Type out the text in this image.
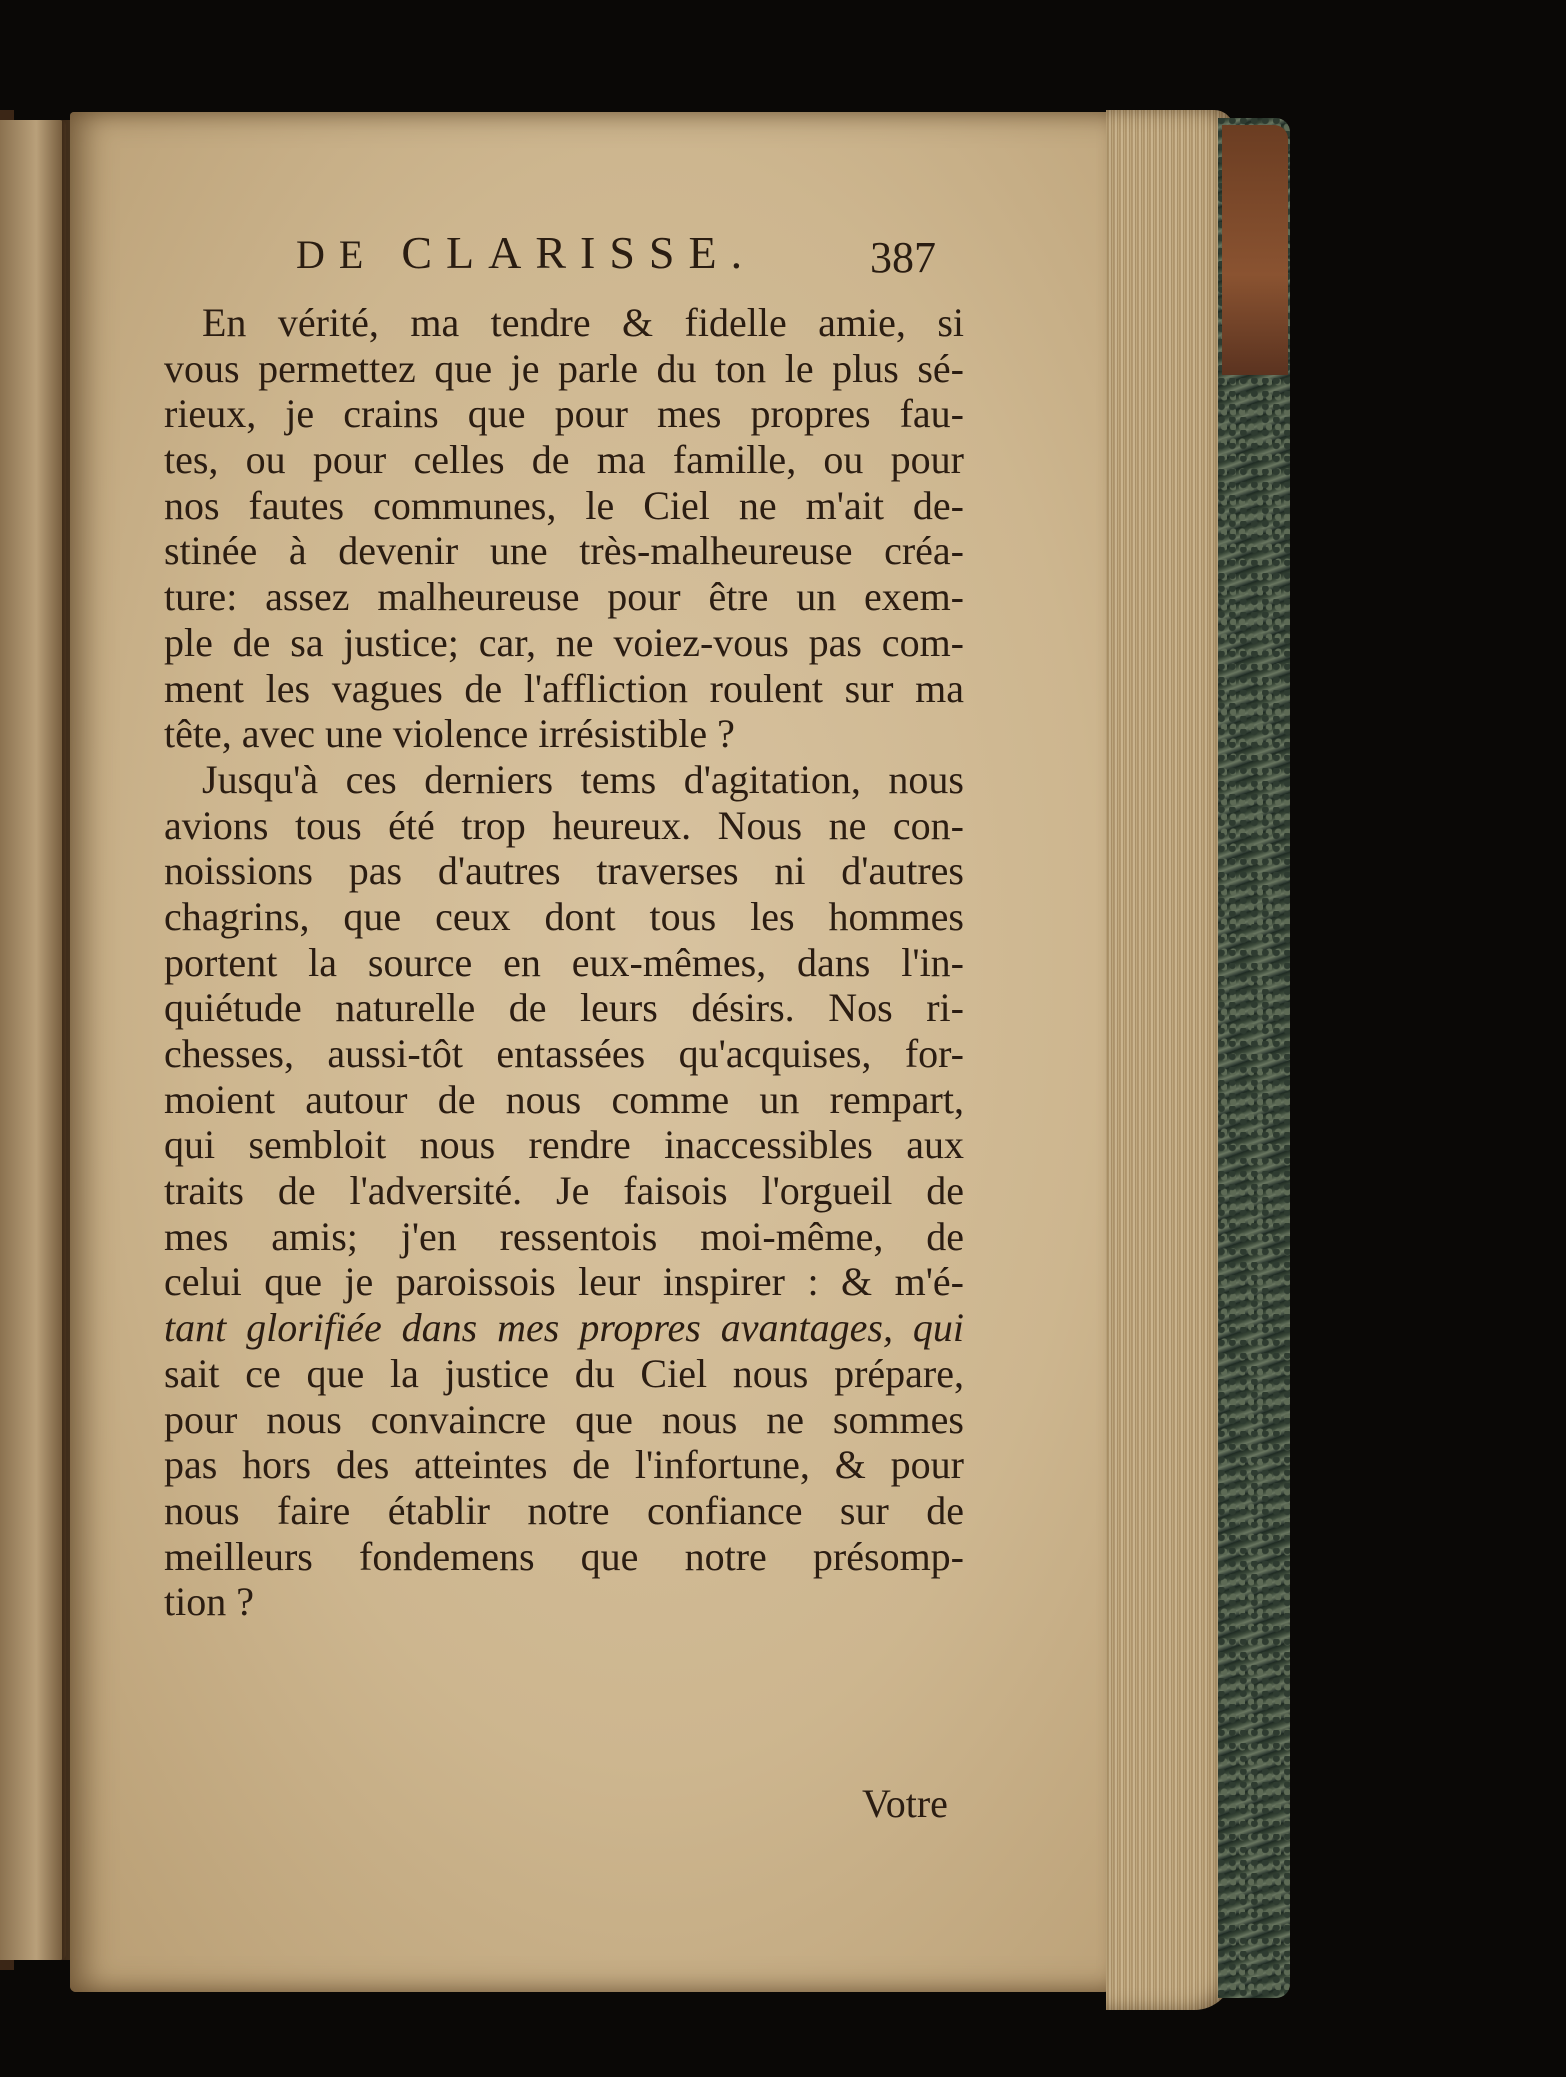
DE CLARISSE.	387
En vérité, ma tendre & fidelle amie, si
vous permettez que je parle du ton le plus sé-
rieux, je crains que pour mes propres fau-
tes, ou pour celles de ma famille, ou pour
nos fautes communes, le Ciel ne m'ait de-
stinée à devenir une très-malheureuse créa-
ture: assez malheureuse pour être un exem-
ple de sa justice; car, ne voiez-vous pas com-
ment les vagues de l'affliction roulent sur ma
tête, avec une violence irrésistible ?
Jusqu'à ces derniers tems d'agitation, nous
avions tous été trop heureux. Nous ne con-
noissions pas d'autres traverses ni d'autres
chagrins, que ceux dont tous les hommes
portent la source en eux-mêmes, dans l'in-
quiétude naturelle de leurs désirs. Nos ri-
chesses, aussi-tôt entassées qu'acquises, for-
moient autour de nous comme un rempart,
qui sembloit nous rendre inaccessibles aux
traits de l'adversité. Je faisois l'orgueil de
mes amis; j'en ressentois moi-même, de
celui que je paroissois leur inspirer : & m'é-
tant glorifiée dans mes propres avantages, qui
sait ce que la justice du Ciel nous prépare,
pour nous convaincre que nous ne sommes
pas hors des atteintes de l'infortune, & pour
nous faire établir notre confiance sur de
meilleurs fondemens que notre présomp-
tion ?
Votre
